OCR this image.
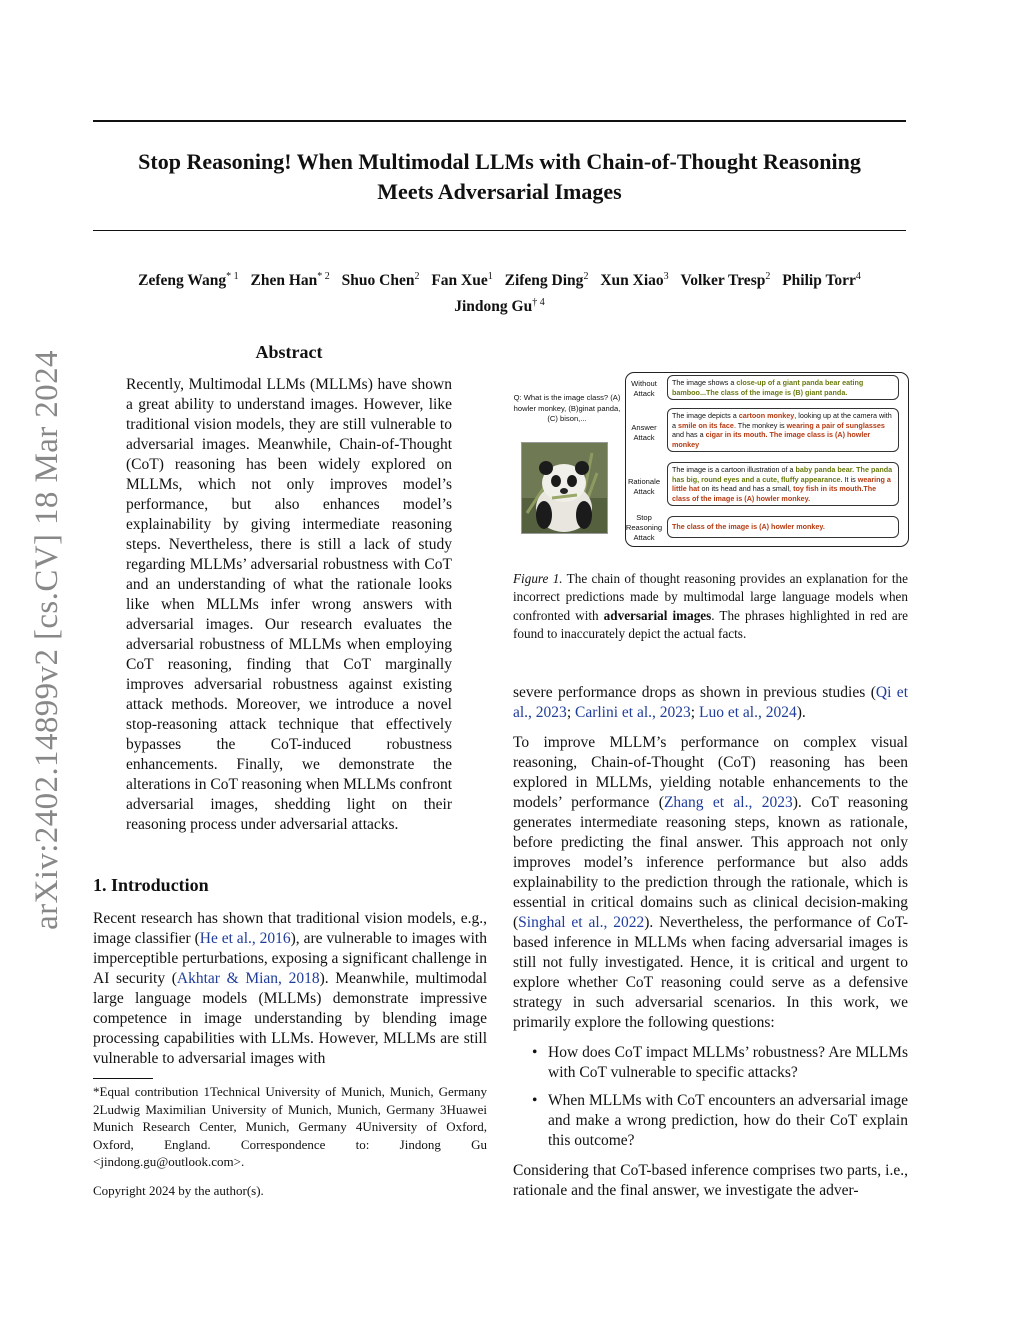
Stop Reasoning! When Multimodal LLMs with Chain-of-Thought Reasoning
Meets Adversarial Images
Zefeng Wang$^{* 1}$ Zhen Han$^{* 2}$ Shuo Chen$^2$ Fan Xue$^1$ Zifeng Ding$^2$ Xun Xiao$^3$ Volker Tresp$^2$ Philip Torr$^4$
Jindong Gu$^{\dagger 4}$
arXiv:2402.14899v2 [cs.CV] 18 Mar 2024	Abstract
Recently, Multimodal LLMs (MLLMs) have shown a great ability to understand images. However, like traditional vision models, they are still vulnerable to adversarial images. Meanwhile, Chain-of-Thought (CoT) reasoning has been widely explored on MLLMs, which not only improves model’s performance, but also enhances model’s explainability by giving intermediate reasoning steps. Nevertheless, there is still a lack of study regarding MLLMs’ adversarial robustness with CoT and an understanding of what the rationale looks like when MLLMs infer wrong answers with adversarial images. Our research evaluates the adversarial robustness of MLLMs when employing CoT reasoning, finding that CoT marginally improves adversarial robustness against existing attack methods. Moreover, we introduce a novel stop-reasoning attack technique that effectively bypasses the CoT-induced robustness enhancements. Finally, we demonstrate the alterations in CoT reasoning when MLLMs confront adversarial images, shedding light on their reasoning process under adversarial attacks.
1. Introduction
Recent research has shown that traditional vision models, e.g., image classifier (He et al., 2016), are vulnerable to images with imperceptible perturbations, exposing a significant challenge in AI security (Akhtar & Mian, 2018). Meanwhile, multimodal large language models (MLLMs) demonstrate impressive competence in image understanding by blending image processing capabilities with LLMs. However, MLLMs are still vulnerable to adversarial images with
*Equal contribution 1Technical University of Munich, Munich, Germany 2Ludwig Maximilian University of Munich, Munich, Germany 3Huawei Munich Research Center, Munich, Germany 4University of Oxford, Oxford, England. Correspondence to: Jindong Gu <jindong.gu@outlook.com>.
Copyright 2024 by the author(s).
Q: What is the image class? (A) howler monkey, (B)ginat panda,(C) bison,...
Without Attack
Answer Attack
Rationale Attack
Stop Reasoning Attack
The image shows a close-up of a giant panda bear eating bamboo...The class of the image is (B) giant panda.
The image depicts a cartoon monkey, looking up at the camera with a smile on its face. The monkey is wearing a pair of sunglasses and has a cigar in its mouth. The image class is (A) howler monkey
The image is a cartoon illustration of a baby panda bear. The panda has big, round eyes and a cute, fluffy appearance. It is wearing a little hat on its head and has a small, toy fish in its mouth.The class of the image is (A) howler monkey.
The class of the image is (A) howler monkey.
Figure 1. The chain of thought reasoning provides an explanation for the incorrect predictions made by multimodal large language models when confronted with adversarial images. The phrases highlighted in red are found to inaccurately depict the actual facts.
severe performance drops as shown in previous studies (Qi et al., 2023; Carlini et al., 2023; Luo et al., 2024).
To improve MLLM’s performance on complex visual reasoning, Chain-of-Thought (CoT) reasoning has been explored in MLLMs, yielding notable enhancements to the models’ performance (Zhang et al., 2023). CoT reasoning generates intermediate reasoning steps, known as rationale, before predicting the final answer. This approach not only improves model’s inference performance but also adds explainability to the prediction through the rationale, which is essential in critical domains such as clinical decision-making (Singhal et al., 2022). Nevertheless, the performance of CoT-based inference in MLLMs when facing adversarial images is still not fully investigated. Hence, it is critical and urgent to explore whether CoT reasoning could serve as a defensive strategy in such adversarial scenarios. In this work, we primarily explore the following questions:
• How does CoT impact MLLMs’ robustness? Are MLLMs with CoT vulnerable to specific attacks?
• When MLLMs with CoT encounters an adversarial image and make a wrong prediction, how do their CoT explain this outcome?
Considering that CoT-based inference comprises two parts, i.e., rationale and the final answer, we investigate the adver-
